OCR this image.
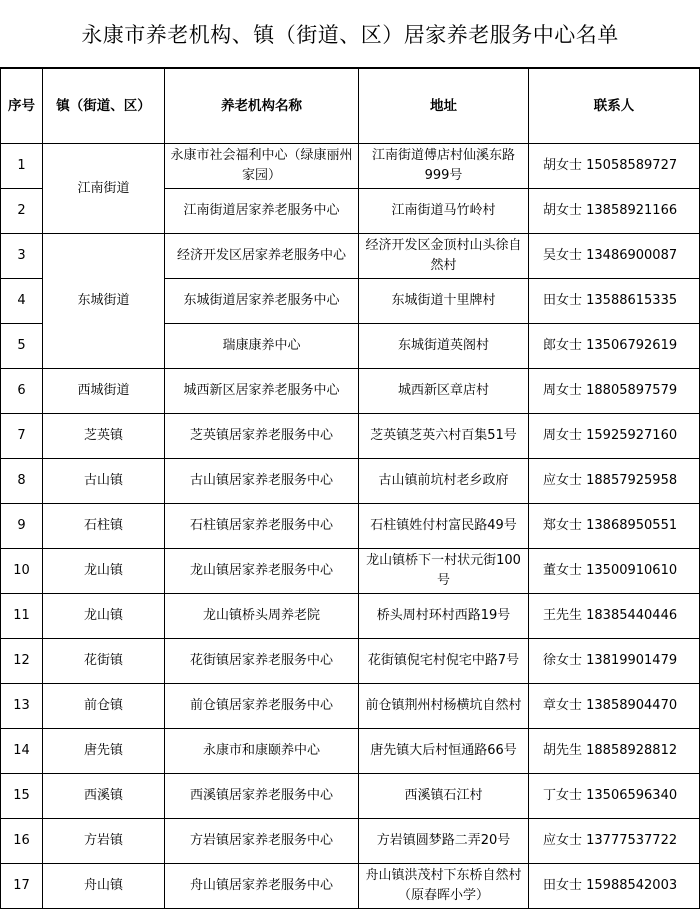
永康市养老机构、镇（街道、区）居家养老服务中心名单
序号	镇（街道、区）	养老机构名称	地址	联系人
1	江南街道	永康市社会福利中心（绿康丽州家园）	江南街道傅店村仙溪东路999号	胡女士 15058589727
2		江南街道居家养老服务中心	江南街道马竹岭村	胡女士 13858921166
3	东城街道	经济开发区居家养老服务中心	经济开发区金顶村山头徐自然村	吴女士 13486900087
4		东城街道居家养老服务中心	东城街道十里牌村	田女士 13588615335
5		瑞康康养中心	东城街道英阁村	郎女士 13506792619
6	西城街道	城西新区居家养老服务中心	城西新区章店村	周女士 18805897579
7	芝英镇	芝英镇居家养老服务中心	芝英镇芝英六村百集51号	周女士 15925927160
8	古山镇	古山镇居家养老服务中心	古山镇前坑村老乡政府	应女士 18857925958
9	石柱镇	石柱镇居家养老服务中心	石柱镇姓付村富民路49号	郑女士 13868950551
10	龙山镇	龙山镇居家养老服务中心	龙山镇桥下一村状元街100号	董女士 13500910610
11	龙山镇	龙山镇桥头周养老院	桥头周村环村西路19号	王先生 18385440446
12	花街镇	花街镇居家养老服务中心	花街镇倪宅村倪宅中路7号	徐女士 13819901479
13	前仓镇	前仓镇居家养老服务中心	前仓镇荆州村杨横坑自然村	章女士 13858904470
14	唐先镇	永康市和康颐养中心	唐先镇大后村恒通路66号	胡先生 18858928812
15	西溪镇	西溪镇居家养老服务中心	西溪镇石江村	丁女士 13506596340
16	方岩镇	方岩镇居家养老服务中心	方岩镇圆梦路二弄20号	应女士 13777537722
17	舟山镇	舟山镇居家养老服务中心	舟山镇洪茂村下东桥自然村（原春晖小学）	田女士 15988542003
